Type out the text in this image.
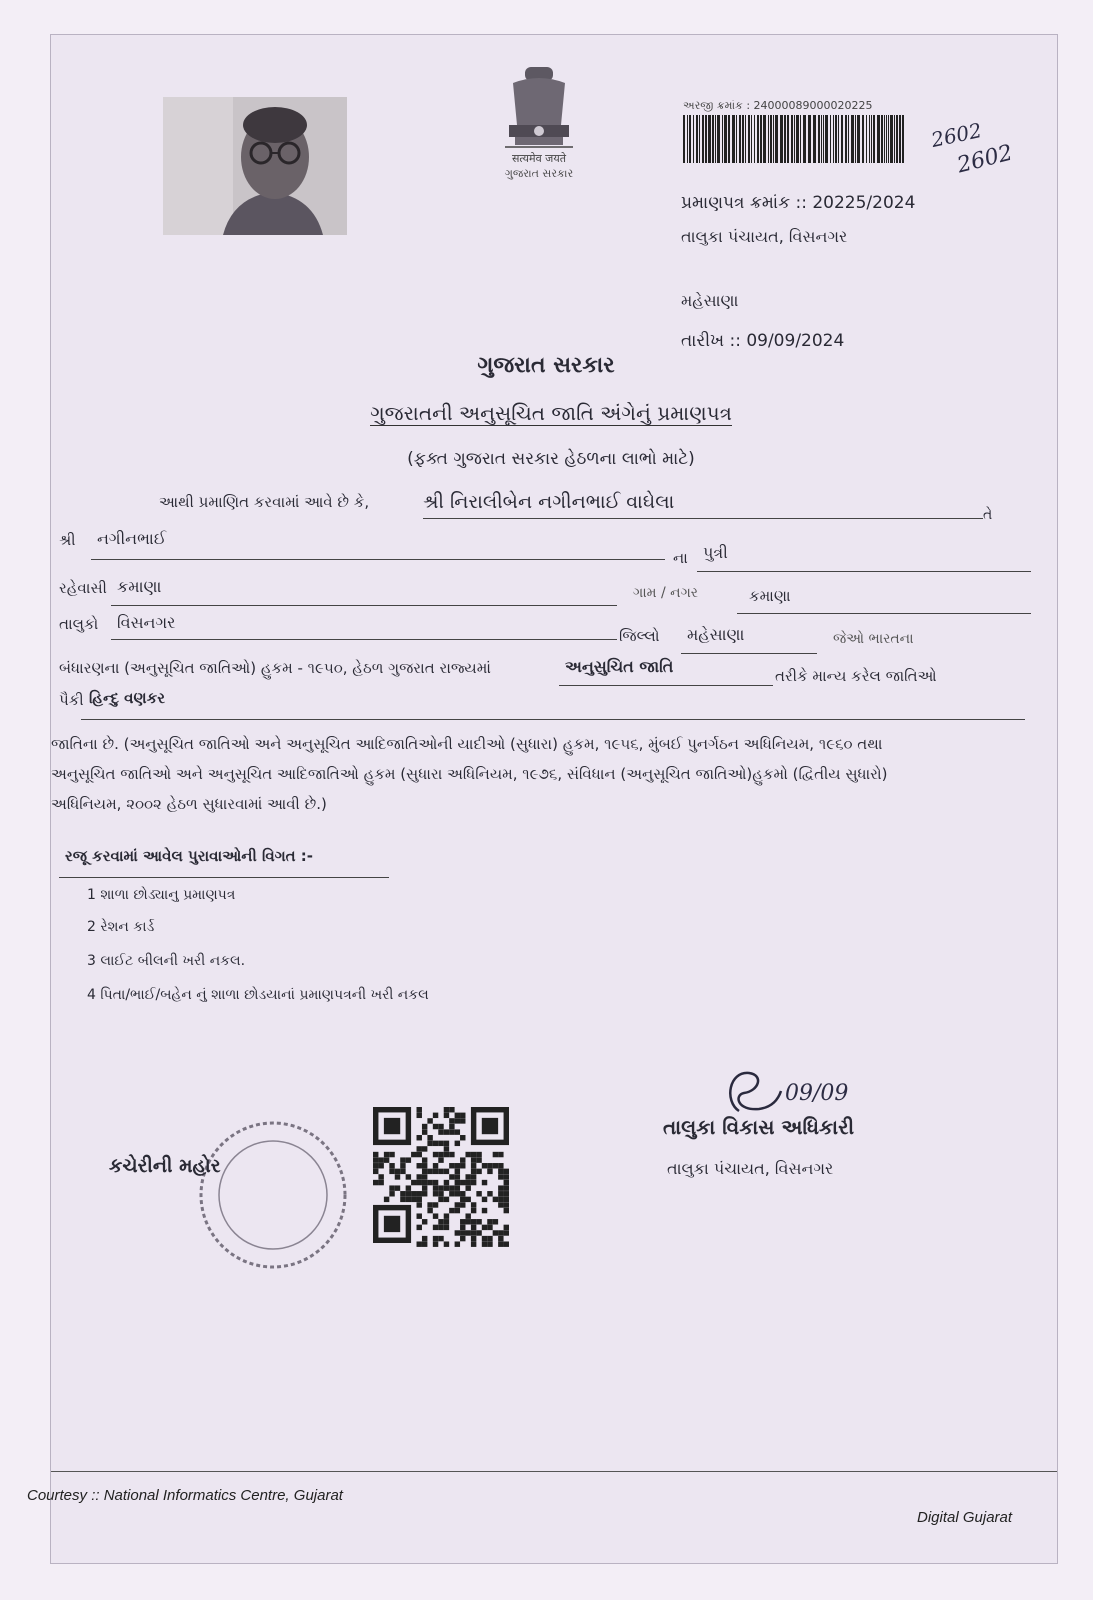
सत्यमेव जयते
ગુજરાત સરકાર
અરજી ક્રમાંક : 24000089000020225
2602
2602
પ્રમાણપત્ર ક્રમાંક :: 20225/2024
તાલુકા પંચાયત, વિસનગર
મહેસાણા
તારીખ :: 09/09/2024
ગુજરાત સરકાર
ગુજરાતની અનુસૂચિત જાતિ અંગેનું પ્રમાણપત્ર
(ફક્ત ગુજરાત સરકાર હેઠળના લાભો માટે)
આથી પ્રમાણિત કરવામાં આવે છે કે,	શ્રી નિરાલીબેન નગીનભાઈ વાઘેલા
તે
શ્રી નગીનભાઈ
ના પુત્રી
રહેવાસી કમાણા	ગામ / નગર	કમાણા
તાલુકો વિસનગર
જિલ્લો મહેસાણા	જેઓ ભારતના
બંધારણના (અનુસૂચિત જાતિઓ) હુકમ - ૧૯૫૦, હેઠળ ગુજરાત રાજ્યમાં	અનુસુચિત જાતિ	તરીકે માન્ય કરેલ જાતિઓ
પૈકી હિન્દુ વણકર
જાતિના છે. (અનુસૂચિત જાતિઓ અને અનુસૂચિત આદિજાતિઓની યાદીઓ (સુધારા) હુકમ, ૧૯૫૬, મુંબઈ પુનર્ગઠન અધિનિયમ, ૧૯૬૦ તથા
અનુસૂચિત જાતિઓ અને અનુસૂચિત આદિજાતિઓ હુકમ (સુધારા અધિનિયમ, ૧૯૭૬, સંવિધાન (અનુસૂચિત જાતિઓ)હુકમો (દ્વિતીય સુધારો)
અધિનિયમ, ૨૦૦૨ હેઠળ સુધારવામાં આવી છે.)
રજૂ કરવામાં આવેલ પુરાવાઓની વિગત :-
1 શાળા છોડ્યાનુ પ્રમાણપત્ર
2 રેશન કાર્ડ
3 લાઈટ બીલની ખરી નકલ.
4 પિતા/ભાઈ/બહેન નું શાળા છોડયાનાં પ્રમાણપત્રની ખરી નકલ
કચેરીની મહોર
09/09
તાલુકા વિકાસ અધિકારી
તાલુકા પંચાયત, વિસનગર
Courtesy :: National Informatics Centre, Gujarat
Digital Gujarat
